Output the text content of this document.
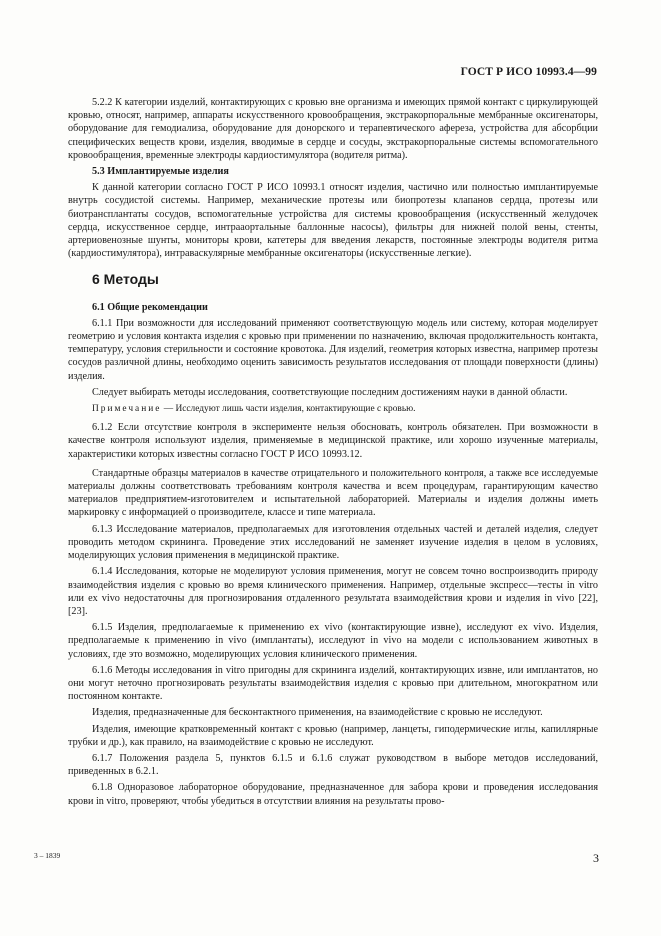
ГОСТ Р ИСО 10993.4—99

5.2.2 К категории изделий, контактирующих с кровью вне организма и имеющих прямой контакт с циркулирующей кровью, относят, например, аппараты искусственного кровообращения, экстракорпоральные мембранные оксигенаторы, оборудование для гемодиализа, оборудование для донорского и терапевтического афереза, устройства для абсорбции специфических веществ крови, изделия, вводимые в сердце и сосуды, экстракорпоральные системы вспомогательного кровообращения, временные электроды кардиостимулятора (водителя ритма).

5.3 Имплантируемые изделия

К данной категории согласно ГОСТ Р ИСО 10993.1 относят изделия, частично или полностью имплантируемые внутрь сосудистой системы. Например, механические протезы или биопротезы клапанов сердца, протезы или биотрансплантаты сосудов, вспомогательные устройства для системы кровообращения (искусственный желудочек сердца, искусственное сердце, интрааортальные баллонные насосы), фильтры для нижней полой вены, стенты, артериовенозные шунты, мониторы крови, катетеры для введения лекарств, постоянные электроды водителя ритма (кардиостимулятора), интраваскулярные мембранные оксигенаторы (искусственные легкие).

6 Методы

6.1 Общие рекомендации

6.1.1 При возможности для исследований применяют соответствующую модель или систему, которая моделирует геометрию и условия контакта изделия с кровью при применении по назначению, включая продолжительность контакта, температуру, условия стерильности и состояние кровотока. Для изделий, геометрия которых известна, например протезы сосудов различной длины, необходимо оценить зависимость результатов исследования от площади поверхности (длины) изделия.

Следует выбирать методы исследования, соответствующие последним достижениям науки в данной области.

Примечание — Исследуют лишь части изделия, контактирующие с кровью.

6.1.2 Если отсутствие контроля в эксперименте нельзя обосновать, контроль обязателен. При возможности в качестве контроля используют изделия, применяемые в медицинской практике, или хорошо изученные материалы, характеристики которых известны согласно ГОСТ Р ИСО 10993.12.

Стандартные образцы материалов в качестве отрицательного и положительного контроля, а также все исследуемые материалы должны соответствовать требованиям контроля качества и всем процедурам, гарантирующим качество материалов предприятием-изготовителем и испытательной лабораторией. Материалы и изделия должны иметь маркировку с информацией о производителе, классе и типе материала.

6.1.3 Исследование материалов, предполагаемых для изготовления отдельных частей и деталей изделия, следует проводить методом скрининга. Проведение этих исследований не заменяет изучение изделия в целом в условиях, моделирующих условия применения в медицинской практике.

6.1.4 Исследования, которые не моделируют условия применения, могут не совсем точно воспроизводить природу взаимодействия изделия с кровью во время клинического применения. Например, отдельные экспресс—тесты in vitro или ex vivo недостаточны для прогнозирования отдаленного результата взаимодействия крови и изделия in vivo [22], [23].

6.1.5 Изделия, предполагаемые к применению ex vivo (контактирующие извне), исследуют ex vivo. Изделия, предполагаемые к применению in vivo (имплантаты), исследуют in vivo на модели с использованием животных в условиях, где это возможно, моделирующих условия клинического применения.

6.1.6 Методы исследования in vitro пригодны для скрининга изделий, контактирующих извне, или имплантатов, но они могут неточно прогнозировать результаты взаимодействия изделия с кровью при длительном, многократном или постоянном контакте.

Изделия, предназначенные для бесконтактного применения, на взаимодействие с кровью не исследуют.

Изделия, имеющие кратковременный контакт с кровью (например, ланцеты, гиподермические иглы, капиллярные трубки и др.), как правило, на взаимодействие с кровью не исследуют.

6.1.7 Положения раздела 5, пунктов 6.1.5 и 6.1.6 служат руководством в выборе методов исследований, приведенных в 6.2.1.

6.1.8 Одноразовое лабораторное оборудование, предназначенное для забора крови и проведения исследования крови in vitro, проверяют, чтобы убедиться в отсутствии влияния на результаты прово-

3 – 1839	3
